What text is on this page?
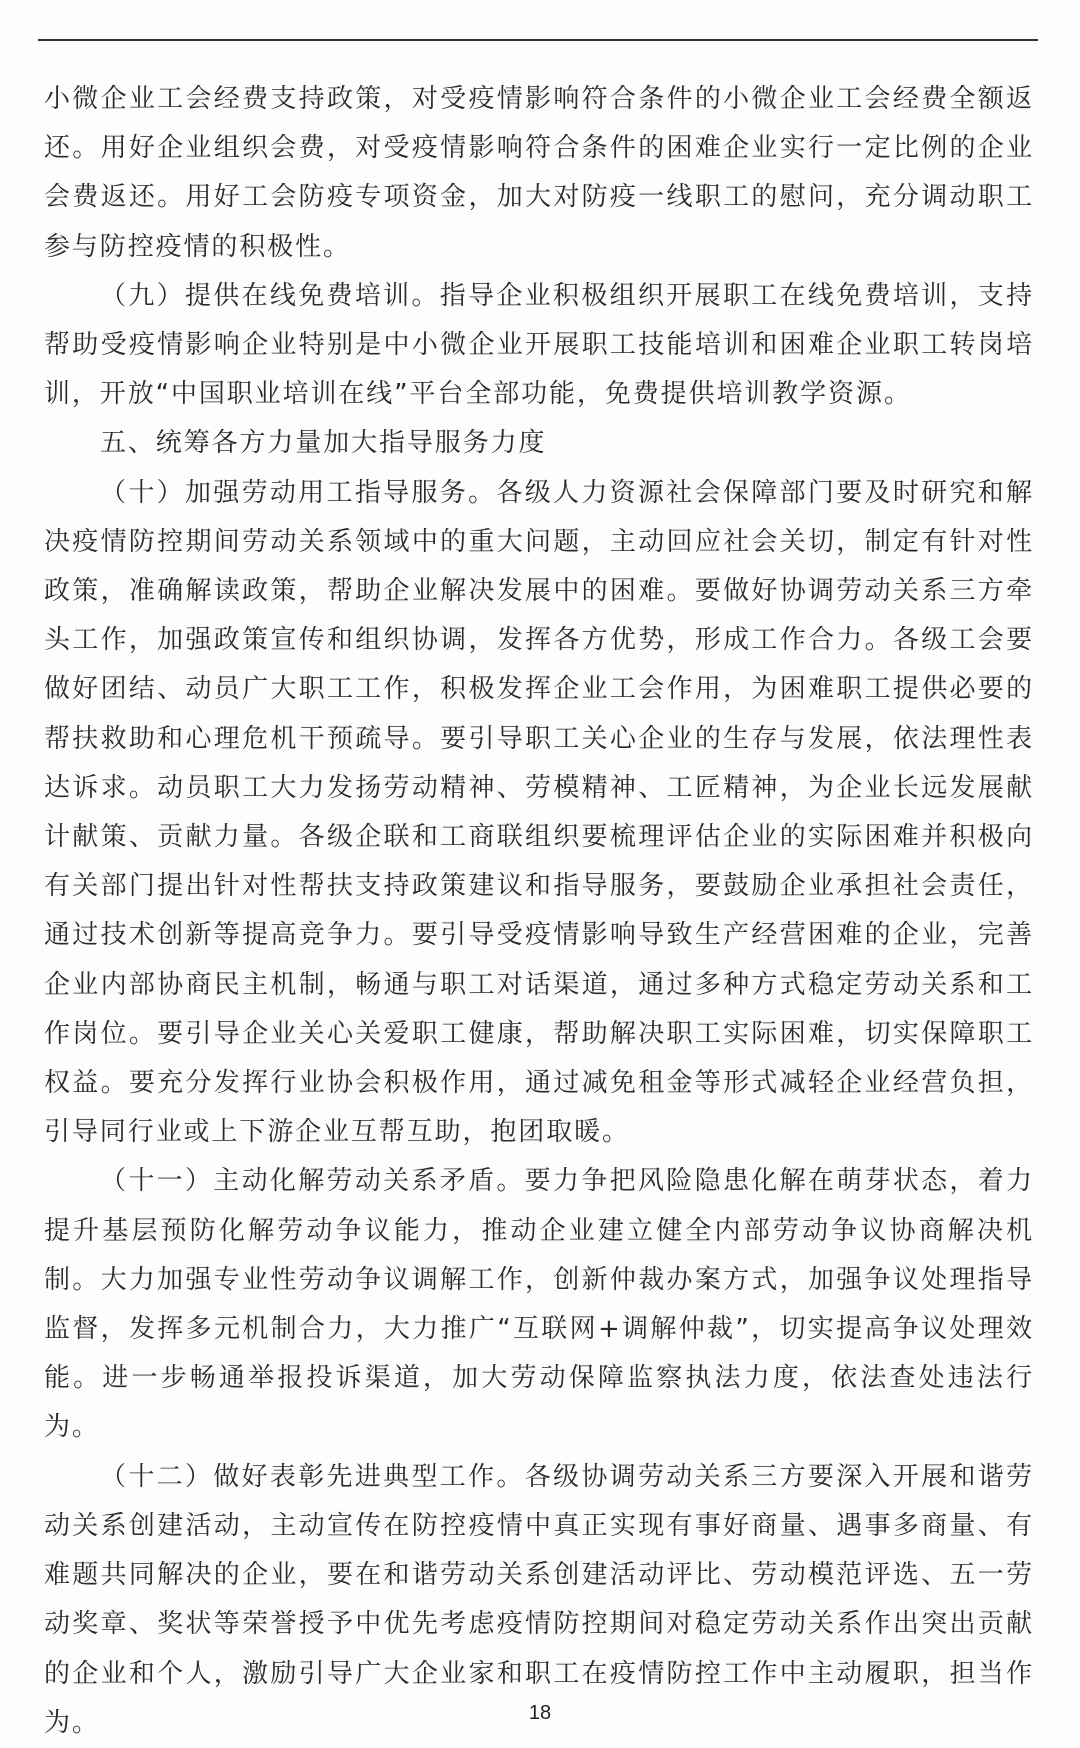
小微企业工会经费支持政策，对受疫情影响符合条件的小微企业工会经费全额返还。用好企业组织会费，对受疫情影响符合条件的困难企业实行一定比例的企业会费返还。用好工会防疫专项资金，加大对防疫一线职工的慰问，充分调动职工参与防控疫情的积极性。

（九）提供在线免费培训。指导企业积极组织开展职工在线免费培训，支持帮助受疫情影响企业特别是中小微企业开展职工技能培训和困难企业职工转岗培训，开放“中国职业培训在线”平台全部功能，免费提供培训教学资源。

五、统筹各方力量加大指导服务力度

（十）加强劳动用工指导服务。各级人力资源社会保障部门要及时研究和解决疫情防控期间劳动关系领域中的重大问题，主动回应社会关切，制定有针对性政策，准确解读政策，帮助企业解决发展中的困难。要做好协调劳动关系三方牵头工作，加强政策宣传和组织协调，发挥各方优势，形成工作合力。各级工会要做好团结、动员广大职工工作，积极发挥企业工会作用，为困难职工提供必要的帮扶救助和心理危机干预疏导。要引导职工关心企业的生存与发展，依法理性表达诉求。动员职工大力发扬劳动精神、劳模精神、工匠精神，为企业长远发展献计献策、贡献力量。各级企联和工商联组织要梳理评估企业的实际困难并积极向有关部门提出针对性帮扶支持政策建议和指导服务，要鼓励企业承担社会责任，通过技术创新等提高竞争力。要引导受疫情影响导致生产经营困难的企业，完善企业内部协商民主机制，畅通与职工对话渠道，通过多种方式稳定劳动关系和工作岗位。要引导企业关心关爱职工健康，帮助解决职工实际困难，切实保障职工权益。要充分发挥行业协会积极作用，通过减免租金等形式减轻企业经营负担，引导同行业或上下游企业互帮互助，抱团取暖。

（十一）主动化解劳动关系矛盾。要力争把风险隐患化解在萌芽状态，着力提升基层预防化解劳动争议能力，推动企业建立健全内部劳动争议协商解决机制。大力加强专业性劳动争议调解工作，创新仲裁办案方式，加强争议处理指导监督，发挥多元机制合力，大力推广“互联网+调解仲裁”，切实提高争议处理效能。进一步畅通举报投诉渠道，加大劳动保障监察执法力度，依法查处违法行为。

（十二）做好表彰先进典型工作。各级协调劳动关系三方要深入开展和谐劳动关系创建活动，主动宣传在防控疫情中真正实现有事好商量、遇事多商量、有难题共同解决的企业，要在和谐劳动关系创建活动评比、劳动模范评选、五一劳动奖章、奖状等荣誉授予中优先考虑疫情防控期间对稳定劳动关系作出突出贡献的企业和个人，激励引导广大企业家和职工在疫情防控工作中主动履职，担当作为。	18
